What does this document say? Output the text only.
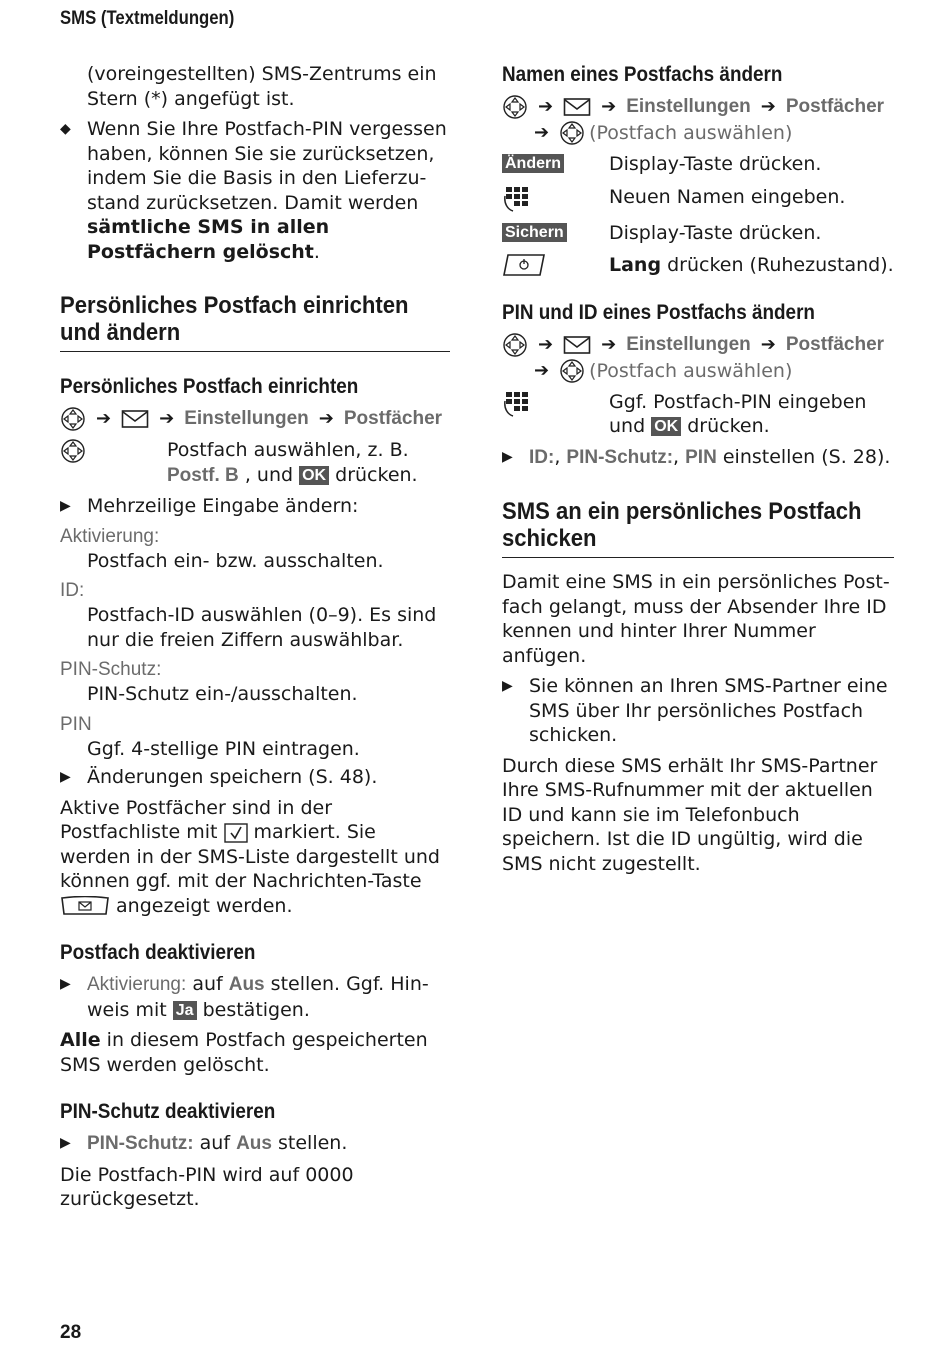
SMS (Textmeldungen)

(voreingestellten) SMS-Zentrums ein Stern (*) angefügt ist.

◆ Wenn Sie Ihre Postfach-PIN vergessen haben, können Sie sie zurücksetzen, indem Sie die Basis in den Lieferzustand zurücksetzen. Damit werden sämtliche SMS in allen Postfächern gelöscht.

Persönliches Postfach einrichten und ändern
Persönliches Postfach einrichten
➔	➔ Einstellungen ➔ Postfächer

Postfach auswählen, z. B. Postf. B , und OK drücken.

▶ Mehrzeilige Eingabe ändern:

Aktivierung:

Postfach ein- bzw. ausschalten.

ID:

Postfach-ID auswählen (0–9). Es sind nur die freien Ziffern auswählbar.

PIN-Schutz:

PIN-Schutz ein-/ausschalten.

PIN

Ggf. 4-stellige PIN eintragen.

▶ Änderungen speichern (S. 48).

Aktive Postfächer sind in der Postfachliste mit  markiert. Sie werden in der SMS-Liste dargestellt und können ggf. mit der Nachrichten-Taste  angezeigt werden.

Postfach deaktivieren
▶ Aktivierung: auf Aus stellen. Ggf. Hinweis mit Ja bestätigen.

Alle in diesem Postfach gespeicherten SMS werden gelöscht.

PIN-Schutz deaktivieren
▶ PIN-Schutz: auf Aus stellen.

Die Postfach-PIN wird auf 0000 zurückgesetzt.

Namen eines Postfachs ändern
➔	➔ Einstellungen ➔ Postfächer
➔ (Postfach auswählen)
Ändern	Display-Taste drücken.

Neuen Namen eingeben.

Sichern	Display-Taste drücken.

Lang drücken (Ruhezustand).

PIN und ID eines Postfachs ändern
➔	➔ Einstellungen ➔ Postfächer
➔ (Postfach auswählen)

Ggf. Postfach-PIN eingeben und OK drücken.

▶ ID:, PIN-Schutz:, PIN einstellen (S. 28).

SMS an ein persönliches Postfach schicken

Damit eine SMS in ein persönliches Postfach gelangt, muss der Absender Ihre ID kennen und hinter Ihrer Nummer anfügen.

▶ Sie können an Ihren SMS-Partner eine SMS über Ihr persönliches Postfach schicken.

Durch diese SMS erhält Ihr SMS-Partner Ihre SMS-Rufnummer mit der aktuellen ID und kann sie im Telefonbuch speichern. Ist die ID ungültig, wird die SMS nicht zugestellt.

28
